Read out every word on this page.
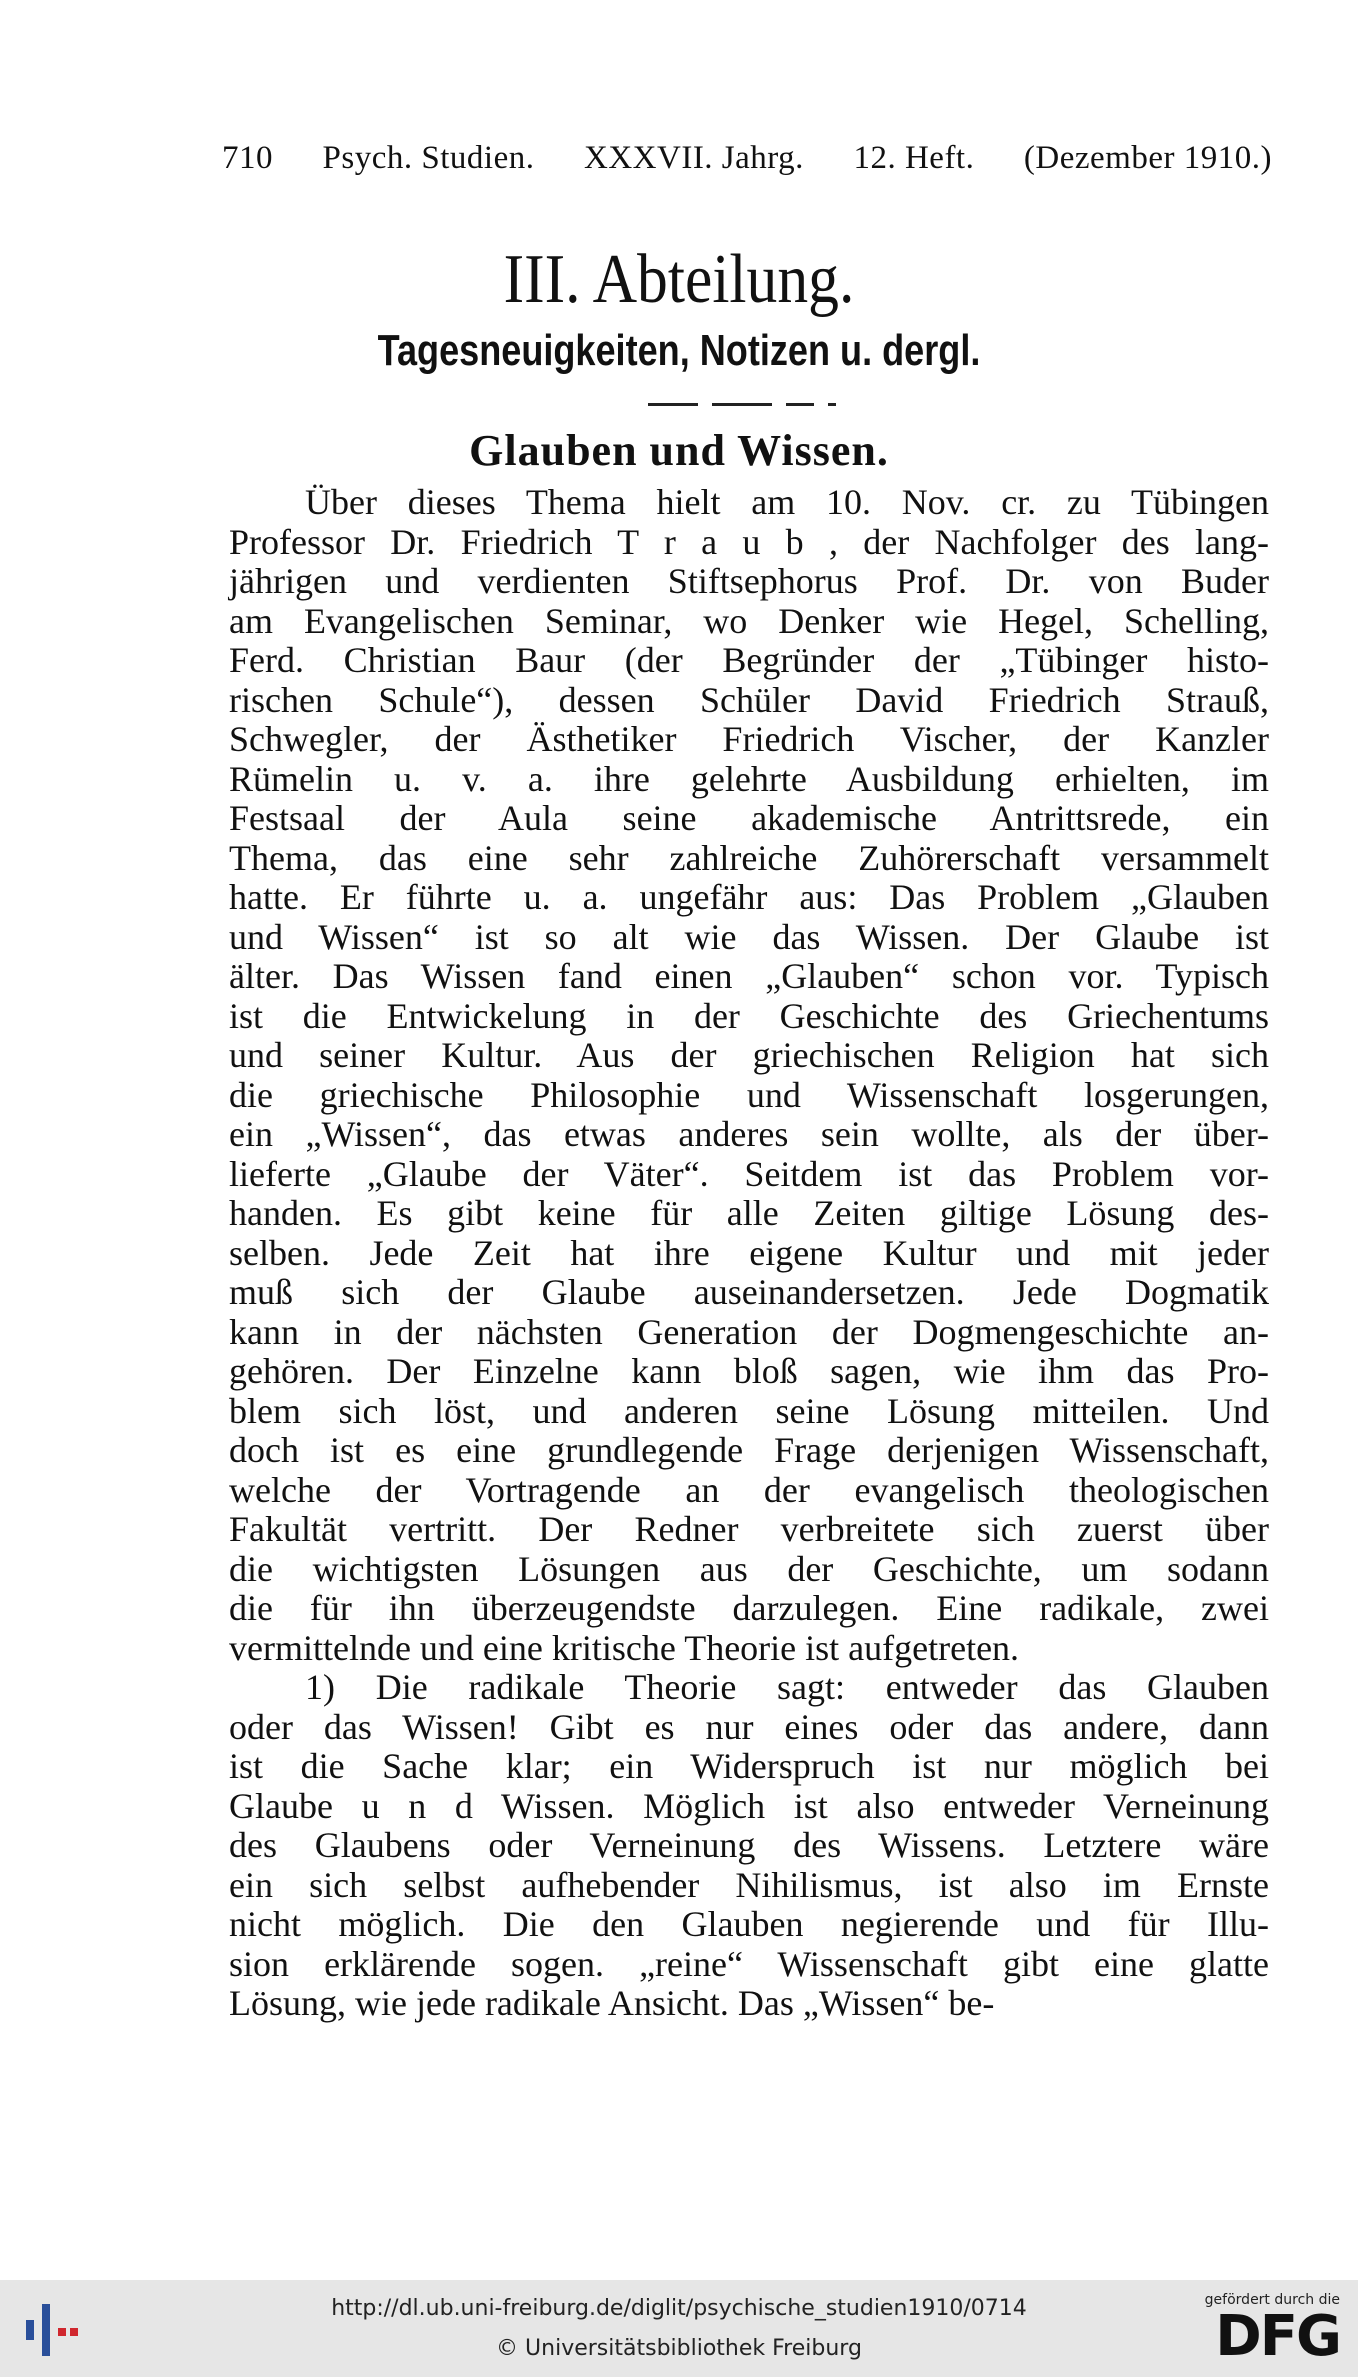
710 Psych. Studien. XXXVII. Jahrg. 12. Heft. (Dezember 1910.)
III. Abteilung.
Tagesneuigkeiten, Notizen u. dergl.
Glauben und Wissen.
Über dieses Thema hielt am 10. Nov. cr. zu Tübingen
Professor Dr. Friedrich T r a u b , der Nachfolger des lang-
jährigen und verdienten Stiftsephorus Prof. Dr. von Buder
am Evangelischen Seminar, wo Denker wie Hegel, Schelling,
Ferd. Christian Baur (der Begründer der „Tübinger histo-
rischen Schule“), dessen Schüler David Friedrich Strauß,
Schwegler, der Ästhetiker Friedrich Vischer, der Kanzler
Rümelin u. v. a. ihre gelehrte Ausbildung erhielten, im
Festsaal der Aula seine akademische Antrittsrede, ein
Thema, das eine sehr zahlreiche Zuhörerschaft versammelt
hatte. Er führte u. a. ungefähr aus: Das Problem „Glauben
und Wissen“ ist so alt wie das Wissen. Der Glaube ist
älter. Das Wissen fand einen „Glauben“ schon vor. Typisch
ist die Entwickelung in der Geschichte des Griechentums
und seiner Kultur. Aus der griechischen Religion hat sich
die griechische Philosophie und Wissenschaft losgerungen,
ein „Wissen“, das etwas anderes sein wollte, als der über-
lieferte „Glaube der Väter“. Seitdem ist das Problem vor-
handen. Es gibt keine für alle Zeiten giltige Lösung des-
selben. Jede Zeit hat ihre eigene Kultur und mit jeder
muß sich der Glaube auseinandersetzen. Jede Dogmatik
kann in der nächsten Generation der Dogmengeschichte an-
gehören. Der Einzelne kann bloß sagen, wie ihm das Pro-
blem sich löst, und anderen seine Lösung mitteilen. Und
doch ist es eine grundlegende Frage derjenigen Wissenschaft,
welche der Vortragende an der evangelisch theologischen
Fakultät vertritt. Der Redner verbreitete sich zuerst über
die wichtigsten Lösungen aus der Geschichte, um sodann
die für ihn überzeugendste darzulegen. Eine radikale, zwei
vermittelnde und eine kritische Theorie ist aufgetreten.
1) Die radikale Theorie sagt: entweder das Glauben
oder das Wissen! Gibt es nur eines oder das andere, dann
ist die Sache klar; ein Widerspruch ist nur möglich bei
Glaube u n d Wissen. Möglich ist also entweder Verneinung
des Glaubens oder Verneinung des Wissens. Letztere wäre
ein sich selbst aufhebender Nihilismus, ist also im Ernste
nicht möglich. Die den Glauben negierende und für Illu-
sion erklärende sogen. „reine“ Wissenschaft gibt eine glatte
Lösung, wie jede radikale Ansicht. Das „Wissen“ be-
http://dl.ub.uni-freiburg.de/diglit/psychische_studien1910/0714
© Universitätsbibliothek Freiburg
gefördert durch die
DFG
